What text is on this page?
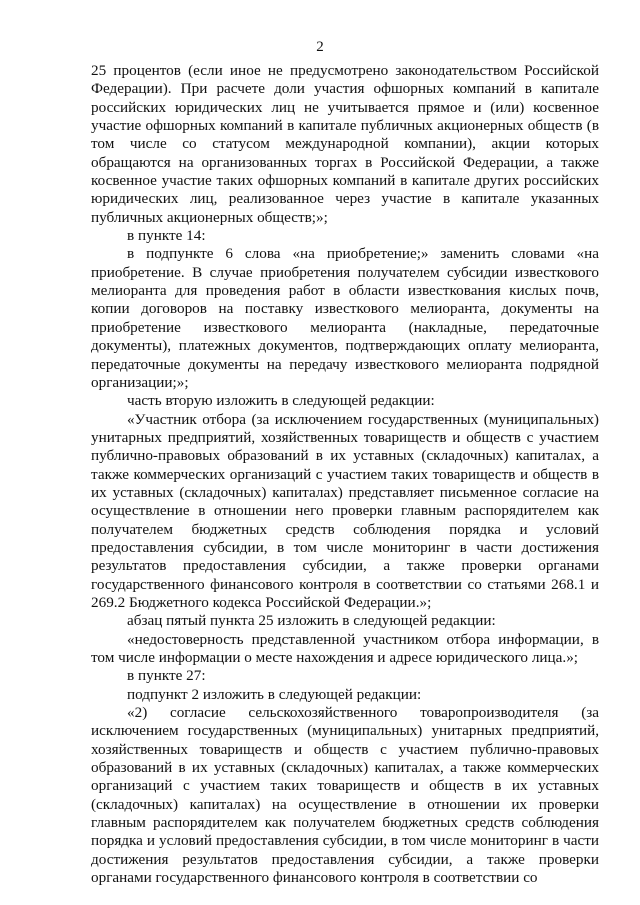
2

25 процентов (если иное не предусмотрено законодательством Российской Федерации). При расчете доли участия офшорных компаний в капитале российских юридических лиц не учитывается прямое и (или) косвенное участие офшорных компаний в капитале публичных акционерных обществ (в том числе со статусом международной компании), акции которых обращаются на организованных торгах в Российской Федерации, а также косвенное участие таких офшорных компаний в капитале других российских юридических лиц, реализованное через участие в капитале указанных публичных акционерных обществ;»;

в пункте 14:

в подпункте 6 слова «на приобретение;» заменить словами «на приобретение. В случае приобретения получателем субсидии известкового мелиоранта для проведения работ в области известкования кислых почв, копии договоров на поставку известкового мелиоранта, документы на приобретение известкового мелиоранта (накладные, передаточные документы), платежных документов, подтверждающих оплату мелиоранта, передаточные документы на передачу известкового мелиоранта подрядной организации;»;

часть вторую изложить в следующей редакции:

«Участник отбора (за исключением государственных (муниципальных) унитарных предприятий, хозяйственных товариществ и обществ с участием публично-правовых образований в их уставных (складочных) капиталах, а также коммерческих организаций с участием таких товариществ и обществ в их уставных (складочных) капиталах) представляет письменное согласие на осуществление в отношении него проверки главным распорядителем как получателем бюджетных средств соблюдения порядка и условий предоставления субсидии, в том числе мониторинг в части достижения результатов предоставления субсидии, а также проверки органами государственного финансового контроля в соответствии со статьями 268.1 и 269.2 Бюджетного кодекса Российской Федерации.»;

абзац пятый пункта 25 изложить в следующей редакции:

«недостоверность представленной участником отбора информации, в том числе информации о месте нахождения и адресе юридического лица.»;

в пункте 27:

подпункт 2 изложить в следующей редакции:

«2) согласие сельскохозяйственного товаропроизводителя (за исключением государственных (муниципальных) унитарных предприятий, хозяйственных товариществ и обществ с участием публично-правовых образований в их уставных (складочных) капиталах, а также коммерческих организаций с участием таких товариществ и обществ в их уставных (складочных) капиталах) на осуществление в отношении их проверки главным распорядителем как получателем бюджетных средств соблюдения порядка и условий предоставления субсидии, в том числе мониторинг в части достижения результатов предоставления субсидии, а также проверки органами государственного финансового контроля в соответствии со
